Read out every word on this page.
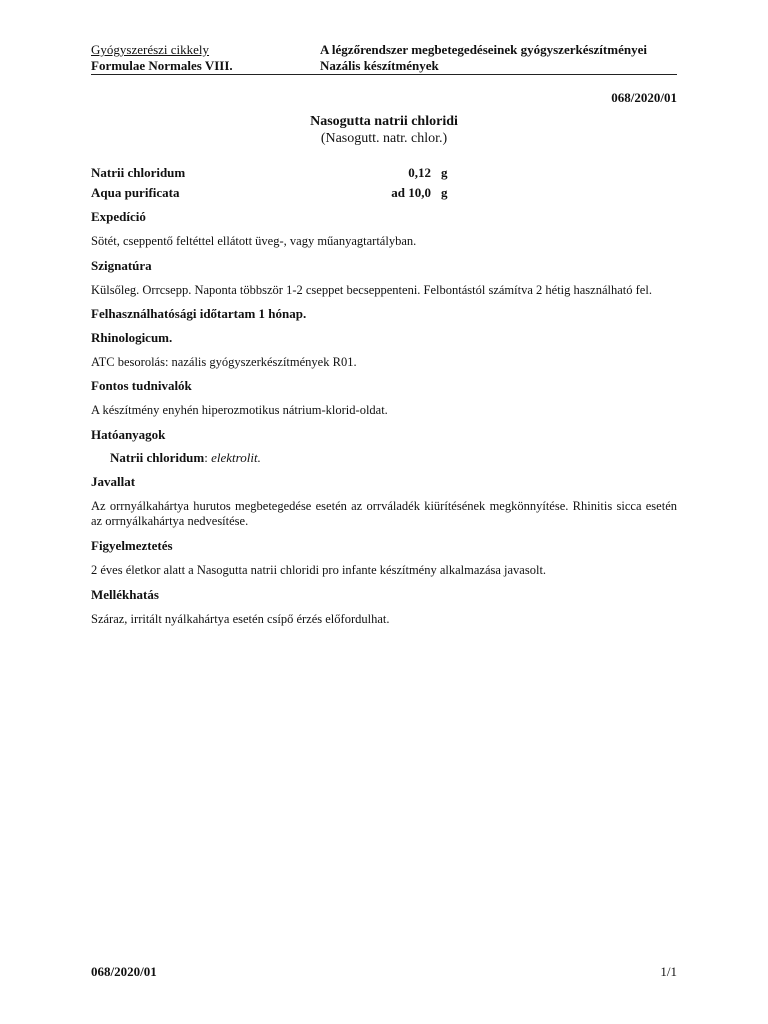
Gyógyszerészi cikkely
Formulae Normales VIII.
A légzőrendszer megbetegedéseinek gyógyszerkészítményei
Nazális készítmények
068/2020/01
Nasogutta natrii chloridi
(Nasogutt. natr. chlor.)
Natrii chloridum	0,12	g
Aqua purificata	ad 10,0	g
Expedíció
Sötét, cseppentő feltéttel ellátott üveg-, vagy műanyagtartályban.
Szignatúra
Külsőleg. Orrcsepp. Naponta többször 1-2 cseppet becseppenteni. Felbontástól számítva 2 hétig használható fel.
Felhasználhatósági időtartam 1 hónap.
Rhinologicum.
ATC besorolás: nazális gyógyszerkészítmények R01.
Fontos tudnivalók
A készítmény enyhén hiperozmotikus nátrium-klorid-oldat.
Hatóanyagok
Natrii chloridum: elektrolit.
Javallat
Az orrnyálkahártya hurutos megbetegedése esetén az orrváladék kiürítésének megkönnyítése. Rhinitis sicca esetén az orrnyálkahártya nedvesítése.
Figyelmeztetés
2 éves életkor alatt a Nasogutta natrii chloridi pro infante készítmény alkalmazása javasolt.
Mellékhatás
Száraz, irritált nyálkahártya esetén csípő érzés előfordulhat.
068/2020/01	1/1
